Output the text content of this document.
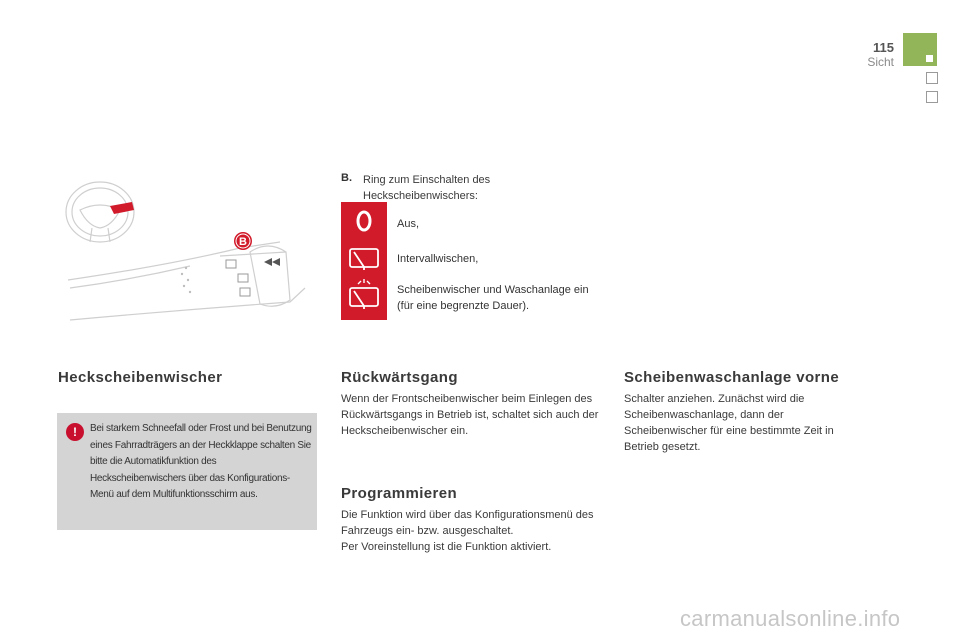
115
Sicht
B
B. Ring zum Einschalten des Heckscheibenwischers:
Aus,
Intervallwischen,
Scheibenwischer und Waschanlage ein (für eine begrenzte Dauer).
Heckscheibenwischer
!	Bei starkem Schneefall oder Frost und bei Benutzung eines Fahrradträgers an der Heckklappe schalten Sie bitte die Automatikfunktion des Heckscheibenwischers über das Konfigurations-Menü auf dem Multifunktionsschirm aus.
Rückwärtsgang
Wenn der Frontscheibenwischer beim Einlegen des Rückwärtsgangs in Betrieb ist, schaltet sich auch der Heckscheibenwischer ein.
Programmieren
Die Funktion wird über das Konfigurationsmenü des Fahrzeugs ein- bzw. ausgeschaltet.
Per Voreinstellung ist die Funktion aktiviert.
Scheibenwaschanlage vorne
Schalter anziehen. Zunächst wird die Scheibenwaschanlage, dann der Scheibenwischer für eine bestimmte Zeit in Betrieb gesetzt.
carmanualsonline.info
